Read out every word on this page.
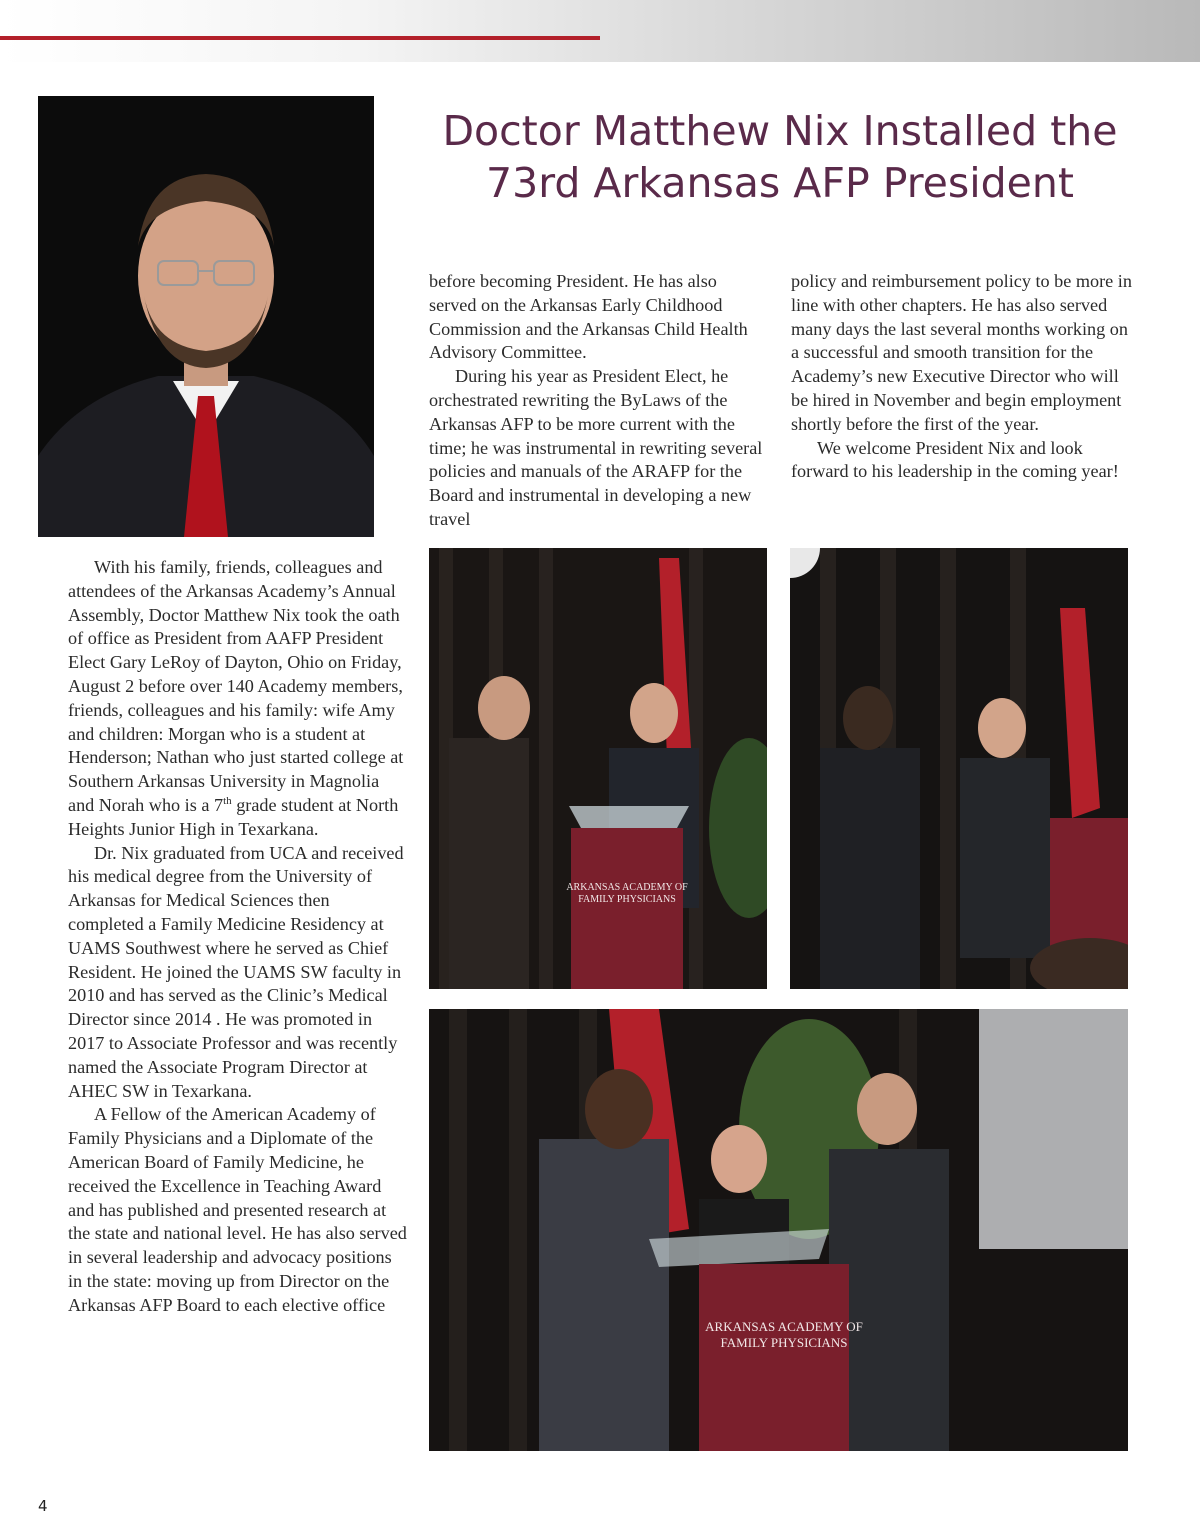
Doctor Matthew Nix Installed the
73rd Arkansas AFP President

With his family, friends, colleagues and attendees of the Arkansas Academy’s Annual Assembly, Doctor Matthew Nix took the oath of office as President from AAFP President Elect Gary LeRoy of Dayton, Ohio on Friday, August 2 before over 140 Academy members, friends, colleagues and his family: wife Amy and children: Morgan who is a student at Henderson; Nathan who just started college at Southern Arkansas University in Magnolia and Norah who is a 7th grade student at North Heights Junior High in Texarkana.

Dr. Nix graduated from UCA and received his medical degree from the University of Arkansas for Medical Sciences then completed a Family Medicine Residency at UAMS Southwest where he served as Chief Resident. He joined the UAMS SW faculty in 2010 and has served as the Clinic’s Medical Director since 2014 . He was promoted in 2017 to Associate Professor and was recently named the Associate Program Director at AHEC SW in Texarkana.

A Fellow of the American Academy of Family Physicians and a Diplomate of the American Board of Family Medicine, he received the Excellence in Teaching Award and has published and presented research at the state and national level. He has also served in several leadership and advocacy positions in the state: moving up from Director on the Arkansas AFP Board to each elective office

before becoming President. He has also served on the Arkansas Early Childhood Commission and the Arkansas Child Health Advisory Committee.

During his year as President Elect, he orchestrated rewriting the ByLaws of the Arkansas AFP to be more current with the time; he was instrumental in rewriting several policies and manuals of the ARAFP for the Board and instrumental in developing a new travel

policy and reimbursement policy to be more in line with other chapters. He has also served many days the last several months working on a successful and smooth transition for the Academy’s new Executive Director who will be hired in November and begin employment shortly before the first of the year.

We welcome President Nix and look forward to his leadership in the coming year!

ARKANSAS ACADEMY OF
FAMILY PHYSICIANS
ARKANSAS ACADEMY OF
FAMILY PHYSICIANS
4
